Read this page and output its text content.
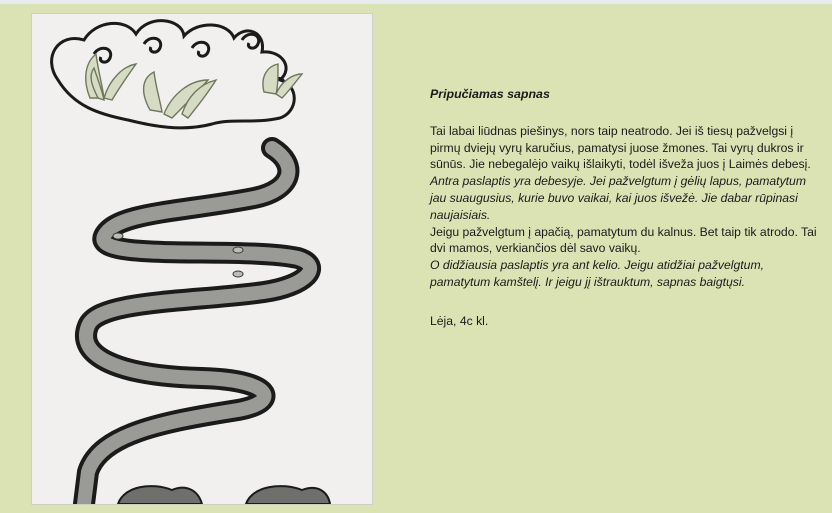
Pripučiamas sapnas

Tai labai liūdnas piešinys, nors taip neatrodo. Jei iš tiesų pažvelgsi į pirmų dviejų vyrų karučius, pamatysi juose žmones. Tai vyrų dukros ir sūnūs. Jie nebegalėjo vaikų išlaikyti, todėl išveža juos į Laimės debesį.

Antra paslaptis yra debesyje. Jei pažvelgtum į gėlių lapus, pamatytum jau suaugusius, kurie buvo vaikai, kai juos išvežė. Jie dabar rūpinasi naujaisiais.

Jeigu pažvelgtum į apačią, pamatytum du kalnus. Bet taip tik atrodo. Tai dvi mamos, verkiančios dėl savo vaikų.

O didžiausia paslaptis yra ant kelio. Jeigu atidžiai pažvelgtum, pamatytum kamštelį. Ir jeigu jį ištrauktum, sapnas baigtųsi.

Lėja, 4c kl.
